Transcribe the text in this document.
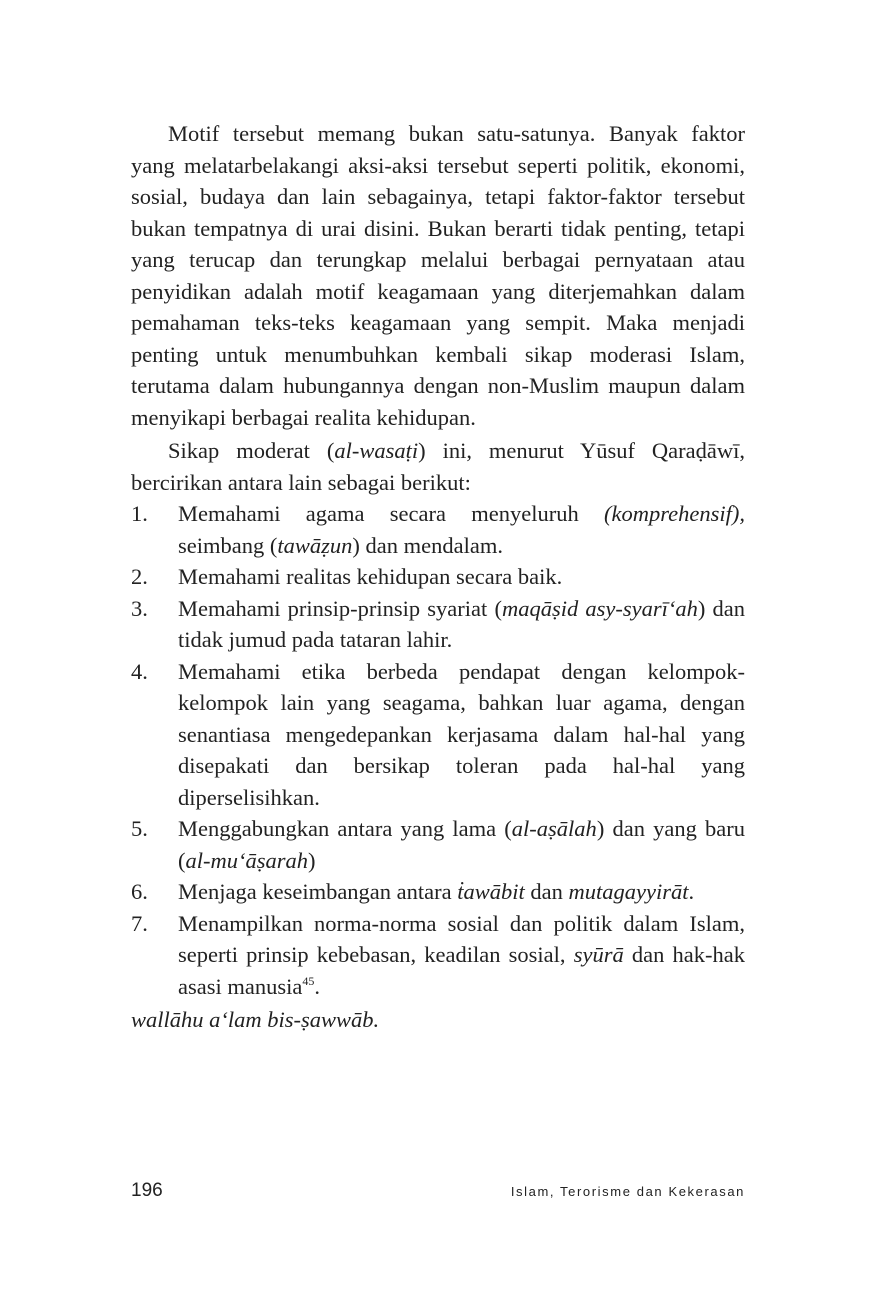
Motif tersebut memang bukan satu-satunya. Banyak faktor yang melatarbelakangi aksi-aksi tersebut seperti politik, ekonomi, sosial, budaya dan lain sebagainya, tetapi faktor-faktor tersebut bukan tempatnya di urai disini. Bukan berarti tidak penting, tetapi yang terucap dan terungkap melalui berbagai pernyataan atau penyidikan adalah motif keagamaan yang diterjemahkan dalam pemahaman teks-teks keagamaan yang sempit. Maka menjadi penting untuk menumbuhkan kembali sikap moderasi Islam, terutama dalam hubungannya dengan non-Muslim maupun dalam menyikapi berbagai realita kehidupan.

Sikap moderat (al-wasaṭi) ini, menurut Yūsuf Qaraḍāwī, bercirikan antara lain sebagai berikut:

1.	Memahami agama secara menyeluruh (komprehensif), seimbang (tawāẓun) dan mendalam.
2.	Memahami realitas kehidupan secara baik.
3.	Memahami prinsip-prinsip syariat (maqāṣid asy-syarī‘ah) dan tidak jumud pada tataran lahir.
4.	Memahami etika berbeda pendapat dengan kelompok-kelompok lain yang seagama, bahkan luar agama, dengan senantiasa mengedepankan kerjasama dalam hal-hal yang disepakati dan bersikap toleran pada hal-hal yang diperselisihkan.
5.	Menggabungkan antara yang lama (al-aṣālah) dan yang baru (al-mu‘āṣarah)
6.	Menjaga keseimbangan antara ṫawābit dan mutagayyirāt.
7.	Menampilkan norma-norma sosial dan politik dalam Islam, seperti prinsip kebebasan, keadilan sosial, syūrā dan hak-hak asasi manusia$^{45}$.

wallāhu a‘lam bis-ṣawwāb.

196	Islam, Terorisme dan Kekerasan
